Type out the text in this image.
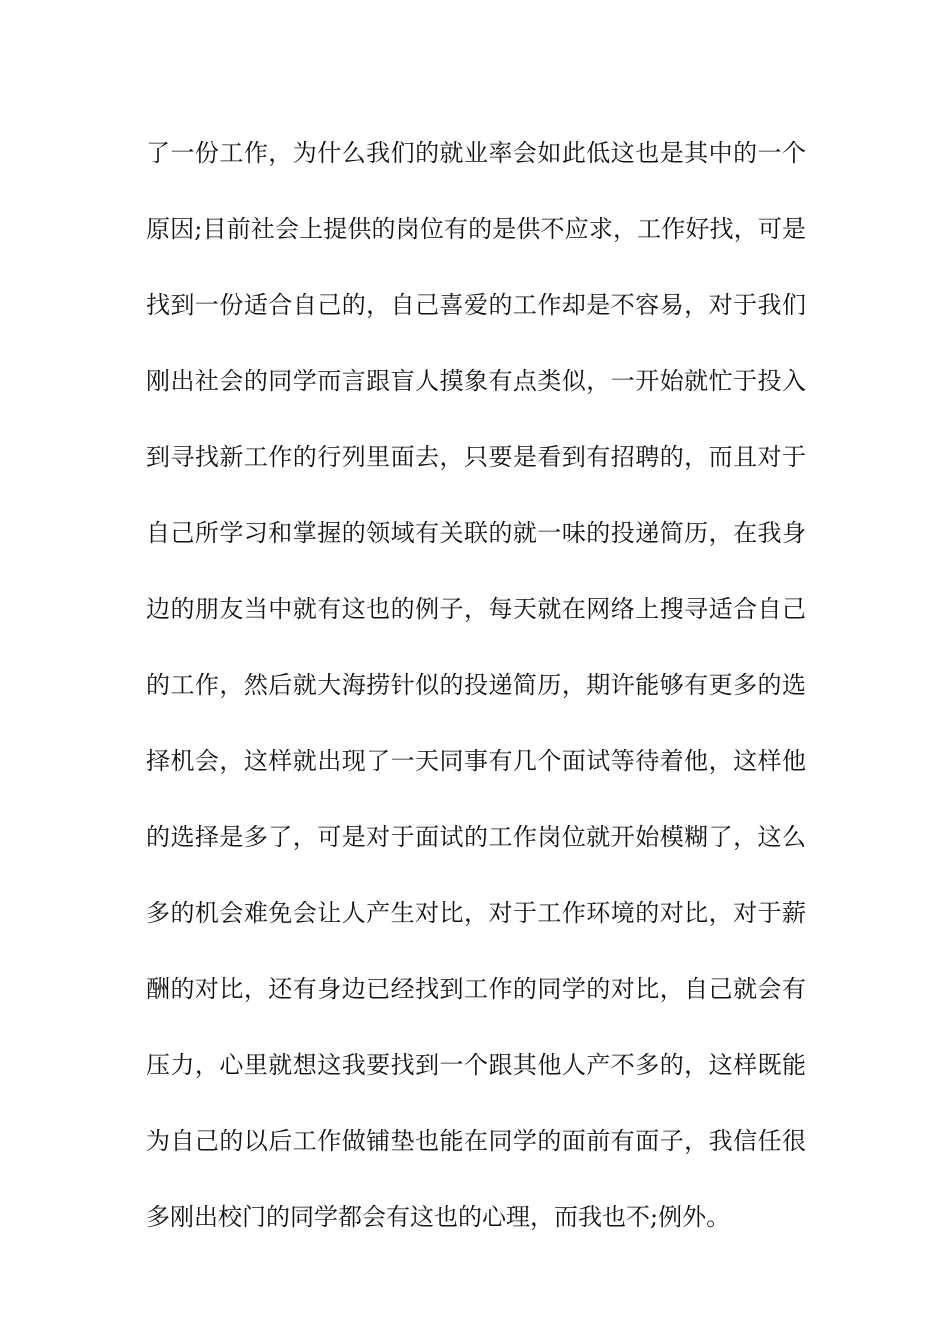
了一份工作，为什么我们的就业率会如此低这也是其中的一个
原因;目前社会上提供的岗位有的是供不应求，工作好找，可是
找到一份适合自己的，自己喜爱的工作却是不容易，对于我们
刚出社会的同学而言跟盲人摸象有点类似，一开始就忙于投入
到寻找新工作的行列里面去，只要是看到有招聘的，而且对于
自己所学习和掌握的领域有关联的就一味的投递简历，在我身
边的朋友当中就有这也的例子，每天就在网络上搜寻适合自己
的工作，然后就大海捞针似的投递简历，期许能够有更多的选
择机会，这样就出现了一天同事有几个面试等待着他，这样他
的选择是多了，可是对于面试的工作岗位就开始模糊了，这么
多的机会难免会让人产生对比，对于工作环境的对比，对于薪
酬的对比，还有身边已经找到工作的同学的对比，自己就会有
压力，心里就想这我要找到一个跟其他人产不多的，这样既能
为自己的以后工作做铺垫也能在同学的面前有面子，我信任很
多刚出校门的同学都会有这也的心理，而我也不;例外。
